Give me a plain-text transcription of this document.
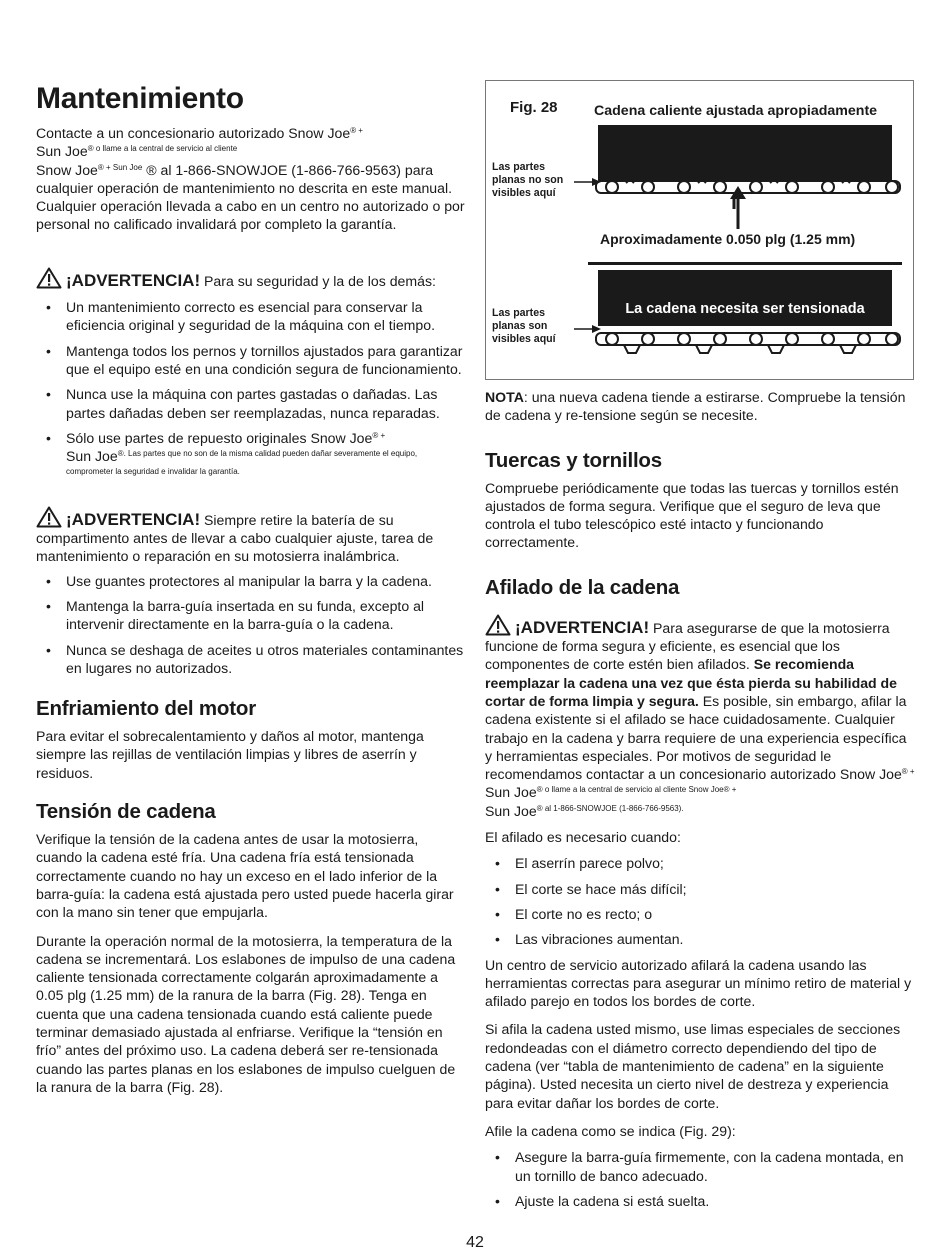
Mantenimiento

Contacte a un concesionario autorizado Snow Joe® +
Sun Joe$^{® o llame a la central de servicio al cliente}$
Snow Joe$^{® + Sun Joe}$ ® al 1-866-SNOWJOE (1-866-766-9563) para cualquier operación de mantenimiento no descrita en este manual. Cualquier operación llevada a cabo en un centro no autorizado o por personal no calificado invalidará por completo la garantía.

¡ADVERTENCIA! Para su seguridad y la de los demás:
• Un mantenimiento correcto es esencial para conservar la eficiencia original y seguridad de la máquina con el tiempo.
• Mantenga todos los pernos y tornillos ajustados para garantizar que el equipo esté en una condición segura de funcionamiento.
• Nunca use la máquina con partes gastadas o dañadas. Las partes dañadas deben ser reemplazadas, nunca reparadas.
• Sólo use partes de repuesto originales Snow Joe® +
Sun Joe$^{®. Las partes que no son de la misma calidad pueden dañar severamente el equipo, comprometer la seguridad e invalidar la garantía.}$
¡ADVERTENCIA! Siempre retire la batería de su compartimento antes de llevar a cabo cualquier ajuste, tarea de mantenimiento o reparación en su motosierra inalámbrica.
• Use guantes protectores al manipular la barra y la cadena.
• Mantenga la barra-guía insertada en su funda, excepto al intervenir directamente en la barra-guía o la cadena.
• Nunca se deshaga de aceites u otros materiales contaminantes en lugares no autorizados.
Enfriamiento del motor

Para evitar el sobrecalentamiento y daños al motor, mantenga siempre las rejillas de ventilación limpias y libres de aserrín y residuos.

Tensión de cadena

Verifique la tensión de la cadena antes de usar la motosierra, cuando la cadena esté fría. Una cadena fría está tensionada correctamente cuando no hay un exceso en el lado inferior de la barra-guía: la cadena está ajustada pero usted puede hacerla girar con la mano sin tener que empujarla.

Durante la operación normal de la motosierra, la temperatura de la cadena se incrementará. Los eslabones de impulso de una cadena caliente tensionada correctamente colgarán aproximadamente a 0.05 plg (1.25 mm) de la ranura de la barra (Fig. 28). Tenga en cuenta que una cadena tensionada cuando está caliente puede terminar demasiado ajustada al enfriarse. Verifique la “tensión en frío” antes del próximo uso. La cadena deberá ser re-tensionada cuando las partes planas en los eslabones de impulso cuelguen de la ranura de la barra (Fig. 28).

Fig. 28	Cadena caliente ajustada apropiadamente
Las partes
planas no son
visibles aquí
Aproximadamente 0.050 plg (1.25 mm)
La cadena necesita ser tensionada
Las partes
planas son
visibles aquí

NOTA: una nueva cadena tiende a estirarse. Compruebe la tensión de cadena y re-tensione según se necesite.

Tuercas y tornillos

Compruebe periódicamente que todas las tuercas y tornillos estén ajustados de forma segura. Verifique que el seguro de leva que controla el tubo telescópico esté intacto y funcionando correctamente.

Afilado de la cadena
¡ADVERTENCIA! Para asegurarse de que la motosierra funcione de forma segura y eficiente, es esencial que los componentes de corte estén bien afilados. Se recomienda reemplazar la cadena una vez que ésta pierda su habilidad de cortar de forma limpia y segura. Es posible, sin embargo, afilar la cadena existente si el afilado se hace cuidadosamente. Cualquier trabajo en la cadena y barra requiere de una experiencia específica y herramientas especiales. Por motivos de seguridad le recomendamos contactar a un concesionario autorizado Snow Joe® +
Sun Joe$^{® o llame a la central de servicio al cliente Snow Joe® +}$
Sun Joe$^{® al 1-866-SNOWJOE (1-866-766-9563).}$

El afilado es necesario cuando:

• El aserrín parece polvo;
• El corte se hace más difícil;
• El corte no es recto; o
• Las vibraciones aumentan.

Un centro de servicio autorizado afilará la cadena usando las herramientas correctas para asegurar un mínimo retiro de material y afilado parejo en todos los bordes de corte.

Si afila la cadena usted mismo, use limas especiales de secciones redondeadas con el diámetro correcto dependiendo del tipo de cadena (ver “tabla de mantenimiento de cadena” en la siguiente página). Usted necesita un cierto nivel de destreza y experiencia para evitar dañar los bordes de corte.

Afile la cadena como se indica (Fig. 29):

• Asegure la barra-guía firmemente, con la cadena montada, en un tornillo de banco adecuado.
• Ajuste la cadena si está suelta.
42
